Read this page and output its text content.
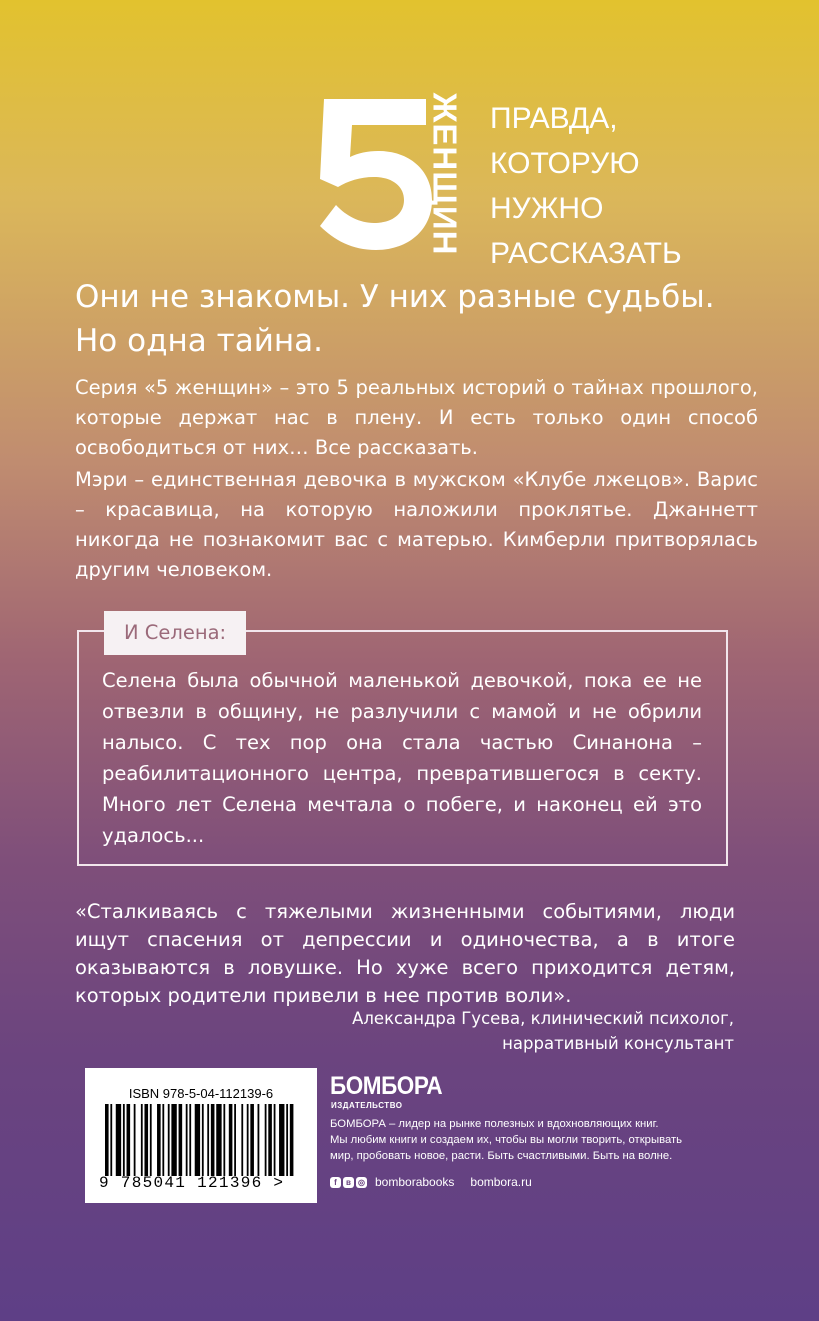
ЖЕНЩИН ПРАВДА,
КОТОРУЮ
НУЖНО
РАССКАЗАТЬ
Они не знакомы. У них разные судьбы.
Но одна тайна.
Серия «5 женщин» – это 5 реальных историй о тайнах прошлого, которые держат нас в плену. И есть только один способ освободиться от них… Все рассказать.
Мэри – единственная девочка в мужском «Клубе лжецов». Варис – красавица, на которую наложили проклятье. Джаннетт никогда не познакомит вас с матерью. Кимберли притворялась другим человеком.
И Селена:
Селена была обычной маленькой девочкой, пока ее не отвезли в общину, не разлучили с мамой и не обрили налысо. С тех пор она стала частью Синанона – реабилитационного центра, превратившегося в секту. Много лет Селена мечтала о побеге, и наконец ей это удалось...
«Сталкиваясь с тяжелыми жизненными событиями, люди ищут спасения от депрессии и одиночества, а в итоге оказываются в ловушке. Но хуже всего приходится детям, которых родители привели в нее против воли».
Александра Гусева, клинический психолог,
нарративный консультант
ISBN 978-5-04-112139-6
9 785041 121396 >
БОМБОРА
ИЗДАТЕЛЬСТВО
БОМБОРА – лидер на рынке полезных и вдохновляющих книг.
Мы любим книги и создаем их, чтобы вы могли творить, открывать
мир, пробовать новое, расти. Быть счастливыми. Быть на волне.
f	в ◎ bomborabooks bombora.ru
